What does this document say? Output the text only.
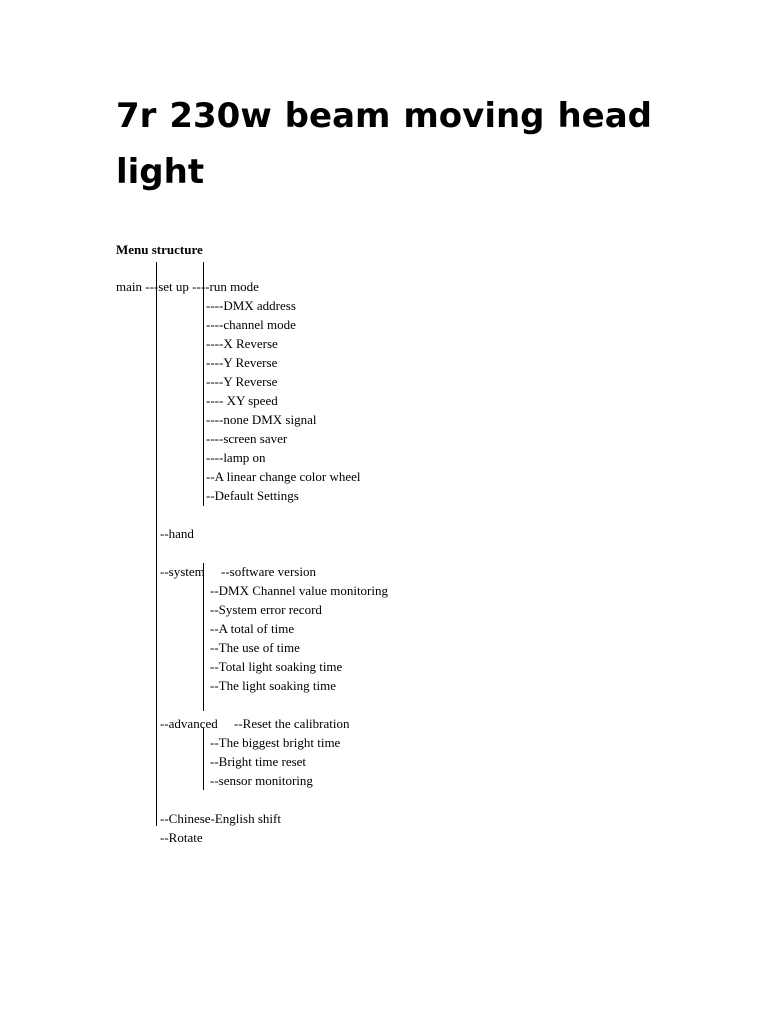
7r 230w beam moving head light

Menu structure

main ---set up ----run mode

----DMX address

----channel mode

----X Reverse

----Y Reverse

----Y Reverse

---- XY speed

----none DMX signal

----screen saver

----lamp on

--A linear change color wheel

--Default Settings

--hand

--system     --software version

--DMX Channel value monitoring

--System error record

--A total of time

--The use of time

--Total light soaking time

--The light soaking time

--advanced     --Reset the calibration

--The biggest bright time

--Bright time reset

--sensor monitoring

--Chinese-English shift

--Rotate
